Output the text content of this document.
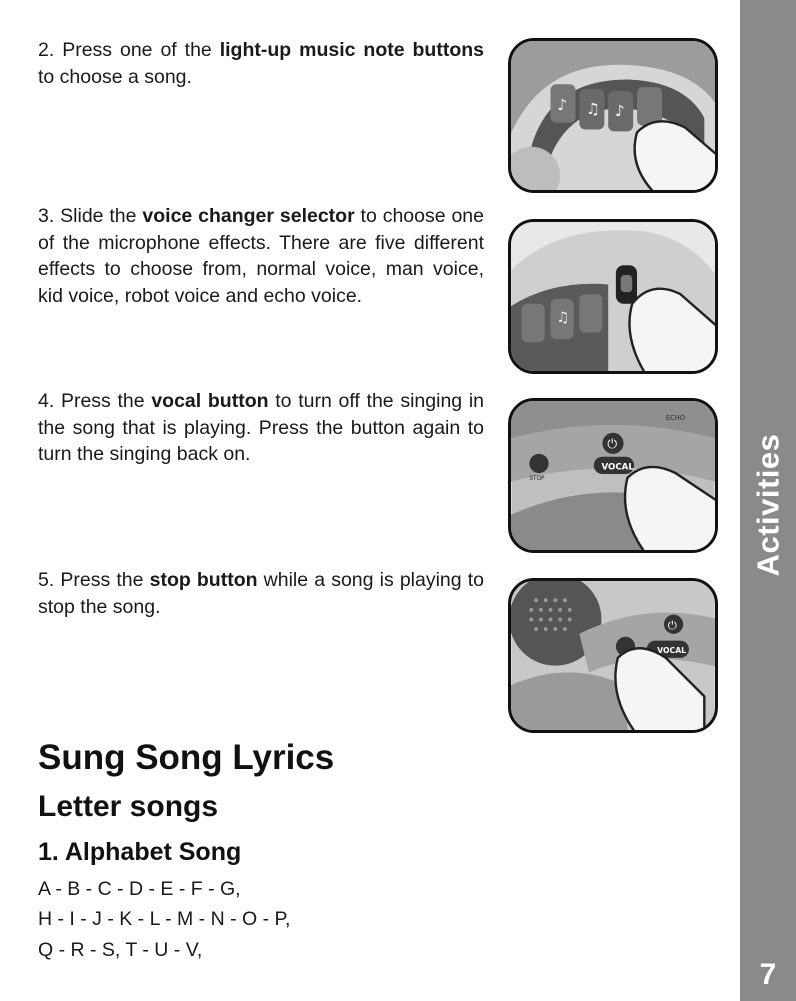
Activities
7
2. Press one of the light-up music note buttons to choose a song.
3. Slide the voice changer selector to choose one of the microphone effects. There are five different effects to choose from, normal voice, man voice, kid voice, robot voice and echo voice.
4. Press the vocal button to turn off the singing in the song that is playing. Press the button again to turn the singing back on.
5. Press the stop button while a song is playing to stop the song.
♪ ♫ ♪
♫
⏻
STOP
VOCAL
ECHO
⏻
VOCAL
Sung Song Lyrics
Letter songs
1. Alphabet Song
A - B - C - D - E - F - G,
H - I - J - K - L - M - N - O - P,
Q - R - S, T - U - V,
